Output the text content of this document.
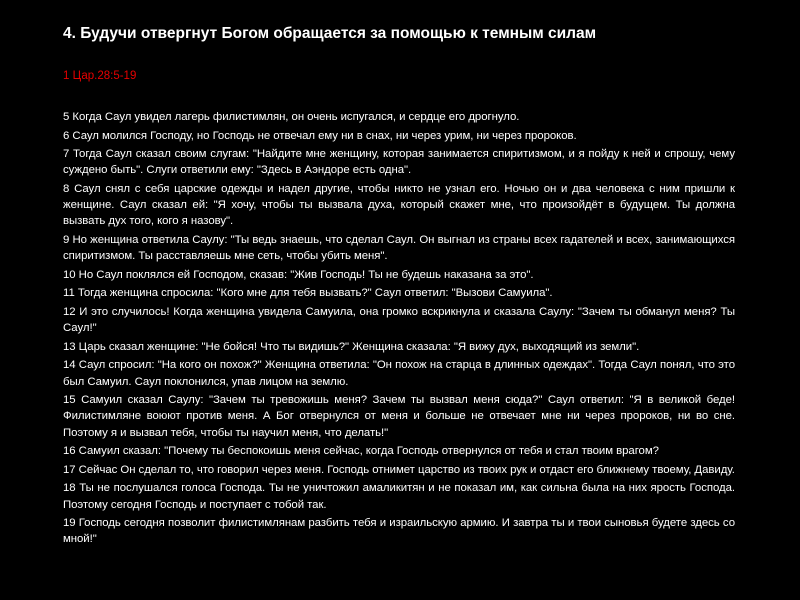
4. Будучи отвергнут Богом обращается за помощью к темным силам
1 Цар.28:5-19
5 Когда Саул увидел лагерь филистимлян, он очень испугался, и сердце его дрогнуло.
6 Саул молился Господу, но Господь не отвечал ему ни в снах, ни через урим, ни через пророков.
7 Тогда Саул сказал своим слугам: "Найдите мне женщину, которая занимается спиритизмом, и я пойду к ней и спрошу, чему суждено быть". Слуги ответили ему: "Здесь в Аэндоре есть одна".
8 Саул снял с себя царские одежды и надел другие, чтобы никто не узнал его. Ночью он и два человека с ним пришли к женщине. Саул сказал ей: "Я хочу, чтобы ты вызвала духа, который скажет мне, что произойдёт в будущем. Ты должна вызвать дух того, кого я назову".
9 Но женщина ответила Саулу: "Ты ведь знаешь, что сделал Саул. Он выгнал из страны всех гадателей и всех, занимающихся спиритизмом. Ты расставляешь мне сеть, чтобы убить меня".
10 Но Саул поклялся ей Господом, сказав: "Жив Господь! Ты не будешь наказана за это".
11 Тогда женщина спросила: "Кого мне для тебя вызвать?" Саул ответил: "Вызови Самуила".
12 И это случилось! Когда женщина увидела Самуила, она громко вскрикнула и сказала Саулу: "Зачем ты обманул меня? Ты Саул!"
13 Царь сказал женщине: "Не бойся! Что ты видишь?" Женщина сказала: "Я вижу дух, выходящий из земли".
14 Саул спросил: "На кого он похож?" Женщина ответила: "Он похож на старца в длинных одеждах". Тогда Саул понял, что это был Самуил. Саул поклонился, упав лицом на землю.
15 Самуил сказал Саулу: "Зачем ты тревожишь меня? Зачем ты вызвал меня сюда?" Саул ответил: "Я в великой беде! Филистимляне воюют против меня. А Бог отвернулся от меня и больше не отвечает мне ни через пророков, ни во сне. Поэтому я и вызвал тебя, чтобы ты научил меня, что делать!"
16 Самуил сказал: "Почему ты беспокоишь меня сейчас, когда Господь отвернулся от тебя и стал твоим врагом?
17 Сейчас Он сделал то, что говорил через меня. Господь отнимет царство из твоих рук и отдаст его ближнему твоему, Давиду.
18 Ты не послушался голоса Господа. Ты не уничтожил амаликитян и не показал им, как сильна была на них ярость Господа. Поэтому сегодня Господь и поступает с тобой так.
19 Господь сегодня позволит филистимлянам разбить тебя и израильскую армию. И завтра ты и твои сыновья будете здесь со мной!"
